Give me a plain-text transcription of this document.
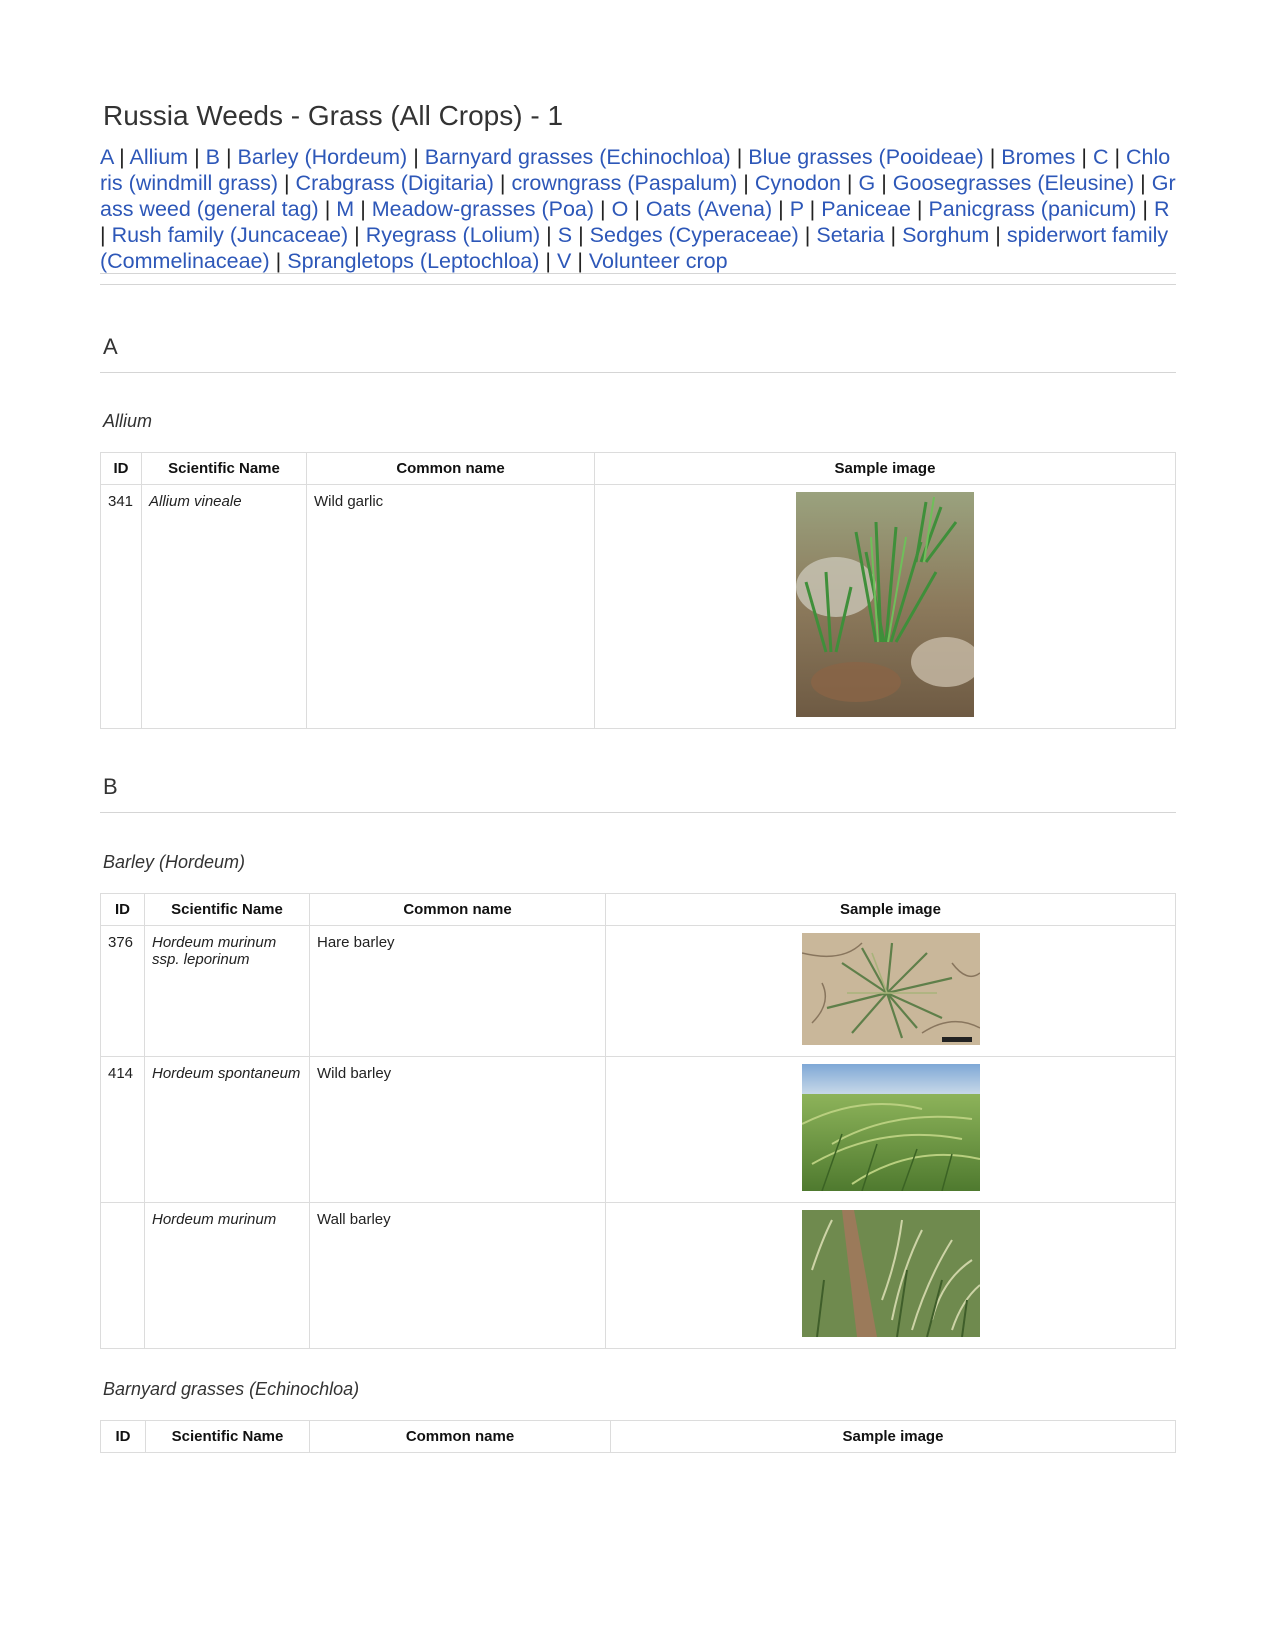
Russia Weeds - Grass (All Crops) - 1
A | Allium | B | Barley (Hordeum) | Barnyard grasses (Echinochloa) | Blue grasses (Pooideae) | Bromes | C | Chloris (windmill grass) | Crabgrass (Digitaria) | crowngrass (Paspalum) | Cynodon | G | Goosegrasses (Eleusine) | Grass weed (general tag) | M | Meadow-grasses (Poa) | O | Oats (Avena) | P | Paniceae | Panicgrass (panicum) | R | Rush family (Juncaceae) | Ryegrass (Lolium) | S | Sedges (Cyperaceae) | Setaria | Sorghum | spiderwort family (Commelinaceae) | Sprangletops (Leptochloa) | V | Volunteer crop
A
Allium
ID	Scientific Name	Common name	Sample image
341	Allium vineale	Wild garlic	
B
Barley (Hordeum)
ID	Scientific Name	Common name	Sample image
376	Hordeum murinum ssp. leporinum	Hare barley	
414	Hordeum spontaneum	Wild barley	
	Hordeum murinum	Wall barley	
Barnyard grasses (Echinochloa)
ID	Scientific Name	Common name	Sample image
